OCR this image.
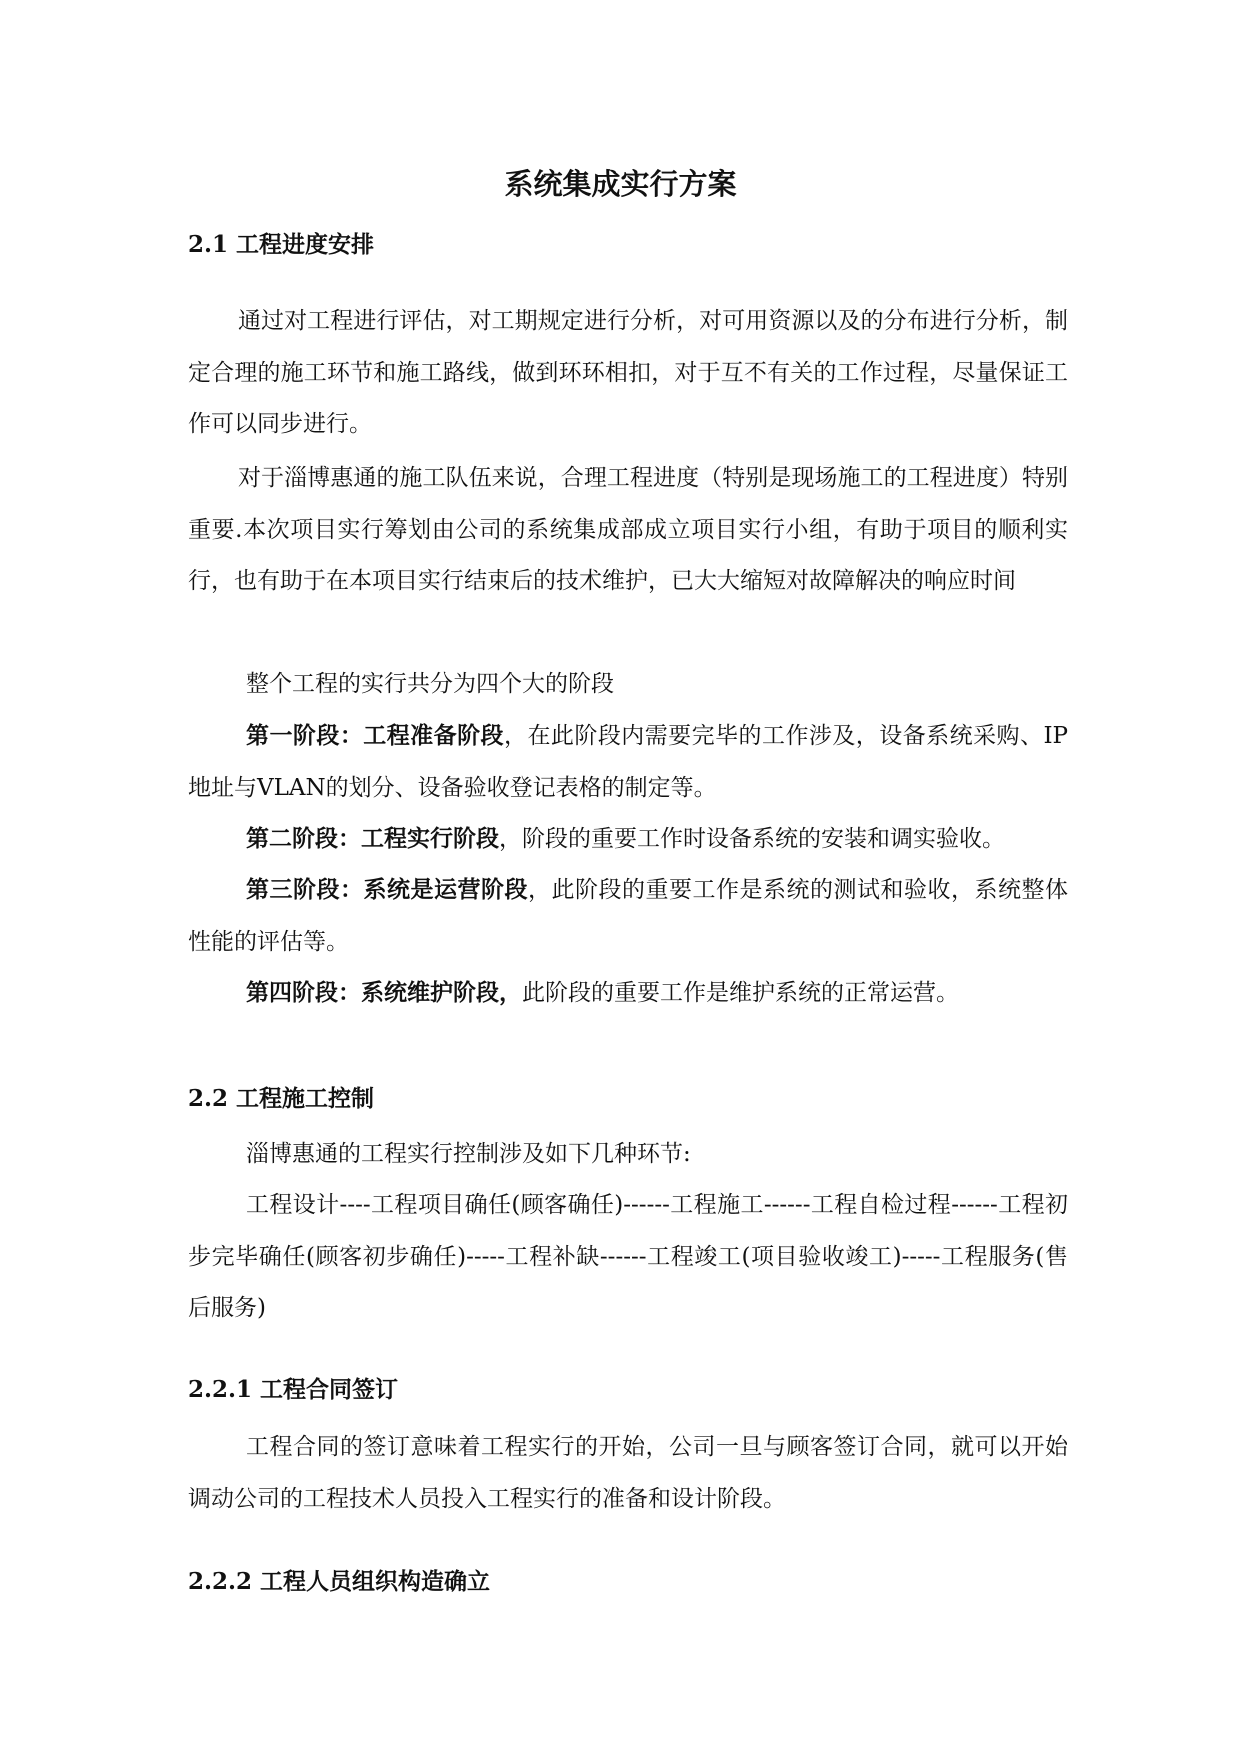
系统集成实行方案
2.1 工程进度安排

通过对工程进行评估，对工期规定进行分析，对可用资源以及的分布进行分析，制定合理的施工环节和施工路线，做到环环相扣，对于互不有关的工作过程，尽量保证工作可以同步进行。

对于淄博惠通的施工队伍来说，合理工程进度（特别是现场施工的工程进度）特别重要.本次项目实行筹划由公司的系统集成部成立项目实行小组，有助于项目的顺利实行，也有助于在本项目实行结束后的技术维护，已大大缩短对故障解决的响应时间

整个工程的实行共分为四个大的阶段

第一阶段：工程准备阶段，在此阶段内需要完毕的工作涉及，设备系统采购、IP地址与VLAN的划分、设备验收登记表格的制定等。

第二阶段：工程实行阶段，阶段的重要工作时设备系统的安装和调实验收。

第三阶段：系统是运营阶段，此阶段的重要工作是系统的测试和验收，系统整体性能的评估等。

第四阶段：系统维护阶段，此阶段的重要工作是维护系统的正常运营。

2.2 工程施工控制

淄博惠通的工程实行控制涉及如下几种环节:

工程设计----工程项目确任(顾客确任)------工程施工------工程自检过程------工程初步完毕确任(顾客初步确任)-----工程补缺------工程竣工(项目验收竣工)-----工程服务(售后服务)

2.2.1 工程合同签订

工程合同的签订意味着工程实行的开始，公司一旦与顾客签订合同，就可以开始调动公司的工程技术人员投入工程实行的准备和设计阶段。

2.2.2 工程人员组织构造确立
